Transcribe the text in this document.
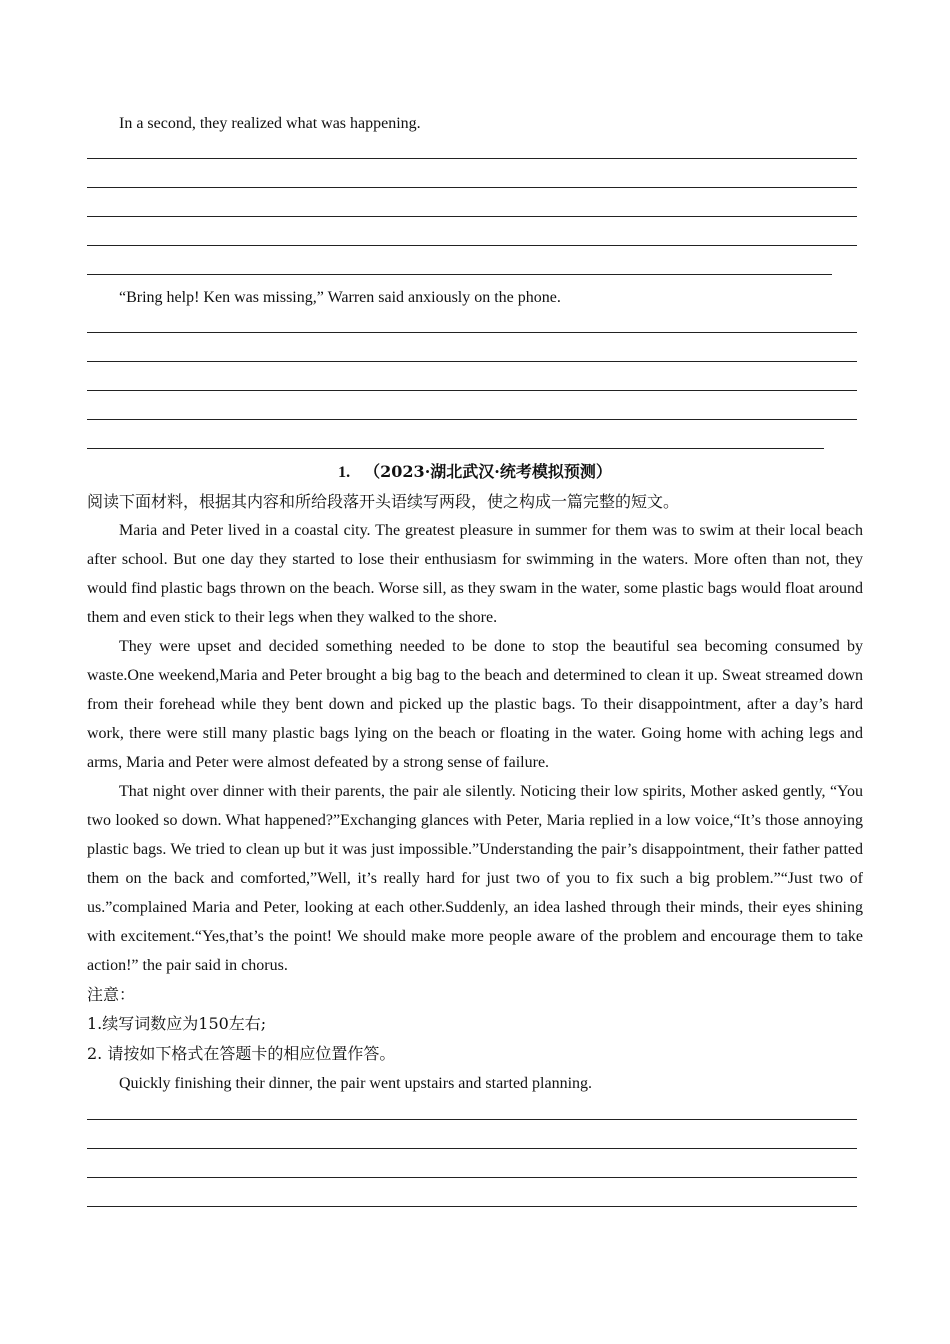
In a second, they realized what was happening.

“Bring help! Ken was missing,” Warren said anxiously on the phone.

1. （2023·湖北武汉·统考模拟预测）

阅读下面材料，根据其内容和所给段落开头语续写两段，使之构成一篇完整的短文。

Maria and Peter lived in a coastal city. The greatest pleasure in summer for them was to swim at their local beach after school. But one day they started to lose their enthusiasm for swimming in the waters. More often than not, they would find plastic bags thrown on the beach. Worse sill, as they swam in the water, some plastic bags would float around them and even stick to their legs when they walked to the shore.

They were upset and decided something needed to be done to stop the beautiful sea becoming consumed by waste.One weekend,Maria and Peter brought a big bag to the beach and determined to clean it up. Sweat streamed down from their forehead while they bent down and picked up the plastic bags. To their disappointment, after a day’s hard work, there were still many plastic bags lying on the beach or floating in the water. Going home with aching legs and arms, Maria and Peter were almost defeated by a strong sense of failure.

That night over dinner with their parents, the pair ale silently. Noticing their low spirits, Mother asked gently, “You two looked so down. What happened?”Exchanging glances with Peter, Maria replied in a low voice,“It’s those annoying plastic bags. We tried to clean up but it was just impossible.”Understanding the pair’s disappointment, their father patted them on the back and comforted,”Well, it’s really hard for just two of you to fix such a big problem.”“Just two of us.”complained Maria and Peter, looking at each other.Suddenly, an idea lashed through their minds, their eyes shining with excitement.“Yes,that’s the point! We should make more people aware of the problem and encourage them to take action!” the pair said in chorus.

注意：

1.续写词数应为150左右;

2. 请按如下格式在答题卡的相应位置作答。

Quickly finishing their dinner, the pair went upstairs and started planning.
